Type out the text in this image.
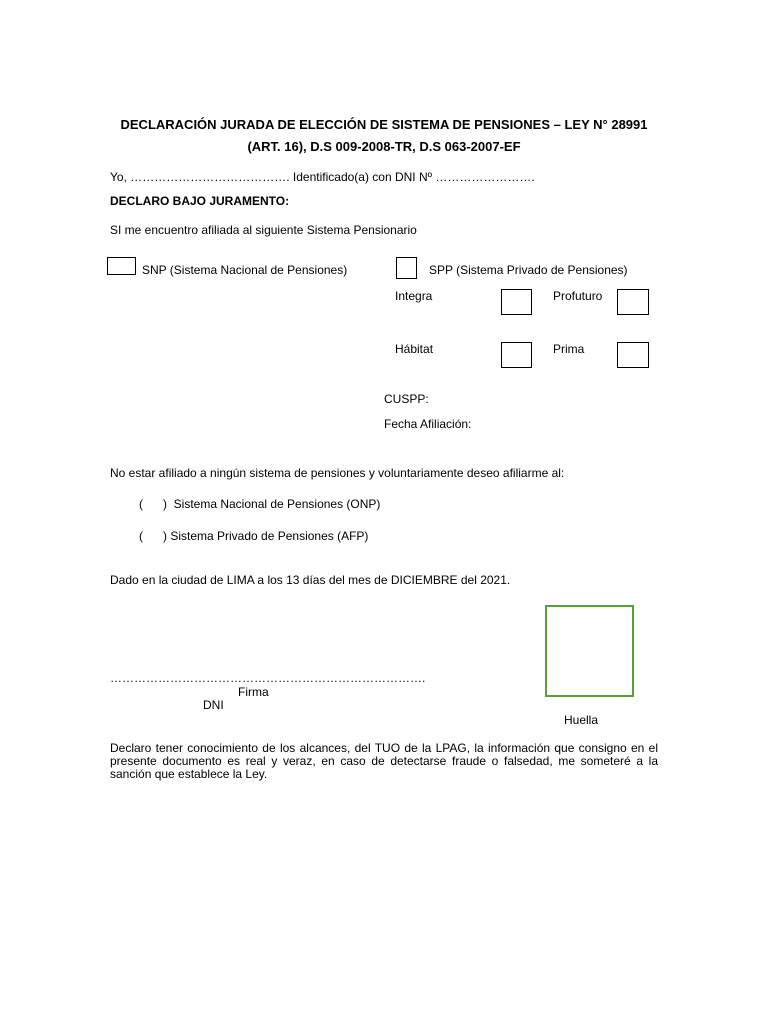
DECLARACIÓN JURADA DE ELECCIÓN DE SISTEMA DE PENSIONES – LEY N° 28991
(ART. 16), D.S 009-2008-TR, D.S 063-2007-EF
Yo, …………………………………. Identificado(a) con DNI Nº …………………….
DECLARO BAJO JURAMENTO:
SI me encuentro afiliada al siguiente Sistema Pensionario
SNP (Sistema Nacional de Pensiones)	SPP (Sistema Privado de Pensiones)
Integra	Profuturo
Hábitat	Prima
CUSPP:
Fecha Afiliación:
No estar afiliado a ningún sistema de pensiones y voluntariamente deseo afiliarme al:
(      )  Sistema Nacional de Pensiones (ONP)
(      ) Sistema Privado de Pensiones (AFP)
Dado en la ciudad de LIMA a los 13 días del mes de DICIEMBRE del 2021.
…………………………………………………………………….
Firma
DNI
Huella
Declaro tener conocimiento de los alcances, del TUO de la LPAG, la información que consigno en el presente documento es real y veraz, en caso de detectarse fraude o falsedad, me someteré a la sanción que establece la Ley.
